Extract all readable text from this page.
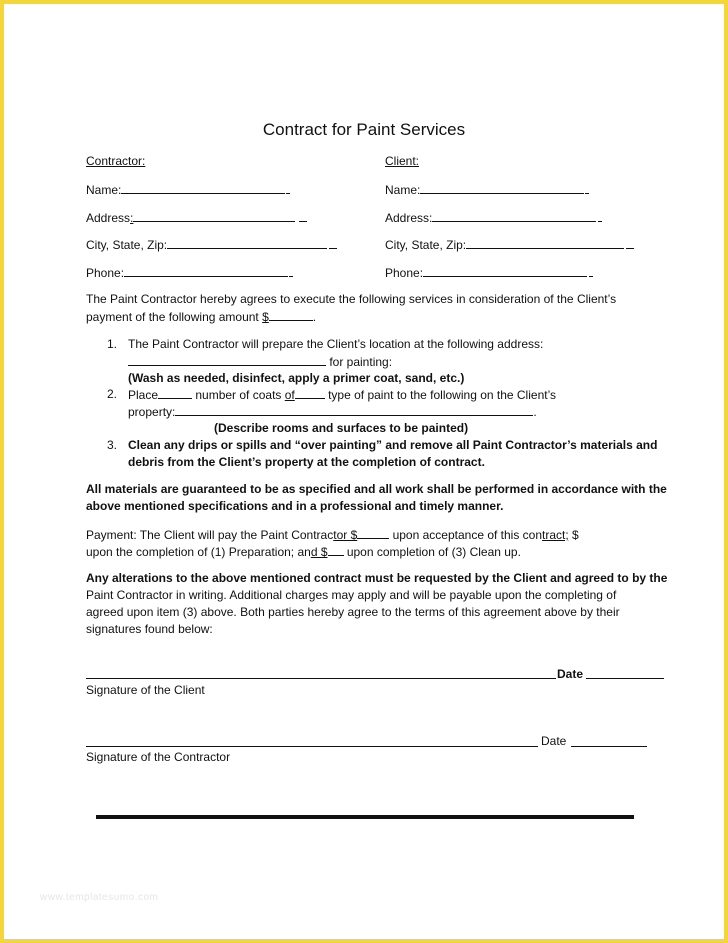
Contract for Paint Services
Contractor:
Name:
Address:
City, State, Zip:
Phone:
Client:
Name:
Address:
City, State, Zip:
Phone:
The Paint Contractor hereby agrees to execute the following services in consideration of the Client’s
payment of the following amount $	.
1. The Paint Contractor will prepare the Client’s location at the following address:
for painting:
(Wash as needed, disinfect, apply a primer coat, sand, etc.)
2. Place	number of coats of	type of paint to the following on the Client’s
property:	.
(Describe rooms and surfaces to be painted)
3. Clean any drips or spills and “over painting” and remove all Paint Contractor’s materials and
debris from the Client’s property at the completion of contract.
All materials are guaranteed to be as specified and all work shall be performed in accordance with the
above mentioned specifications and in a professional and timely manner.
Payment: The Client will pay the Paint Contractor $	upon acceptance of this contract; $
upon the completion of (1) Preparation; and $ upon completion of (3) Clean up.
Any alterations to the above mentioned contract must be requested by the Client and agreed to by the
Paint Contractor in writing. Additional charges may apply and will be payable upon the completing of
agreed upon item (3) above. Both parties hereby agree to the terms of this agreement above by their
signatures found below:
Date
Signature of the Client
Date
Signature of the Contractor
www.templatesumo.com
